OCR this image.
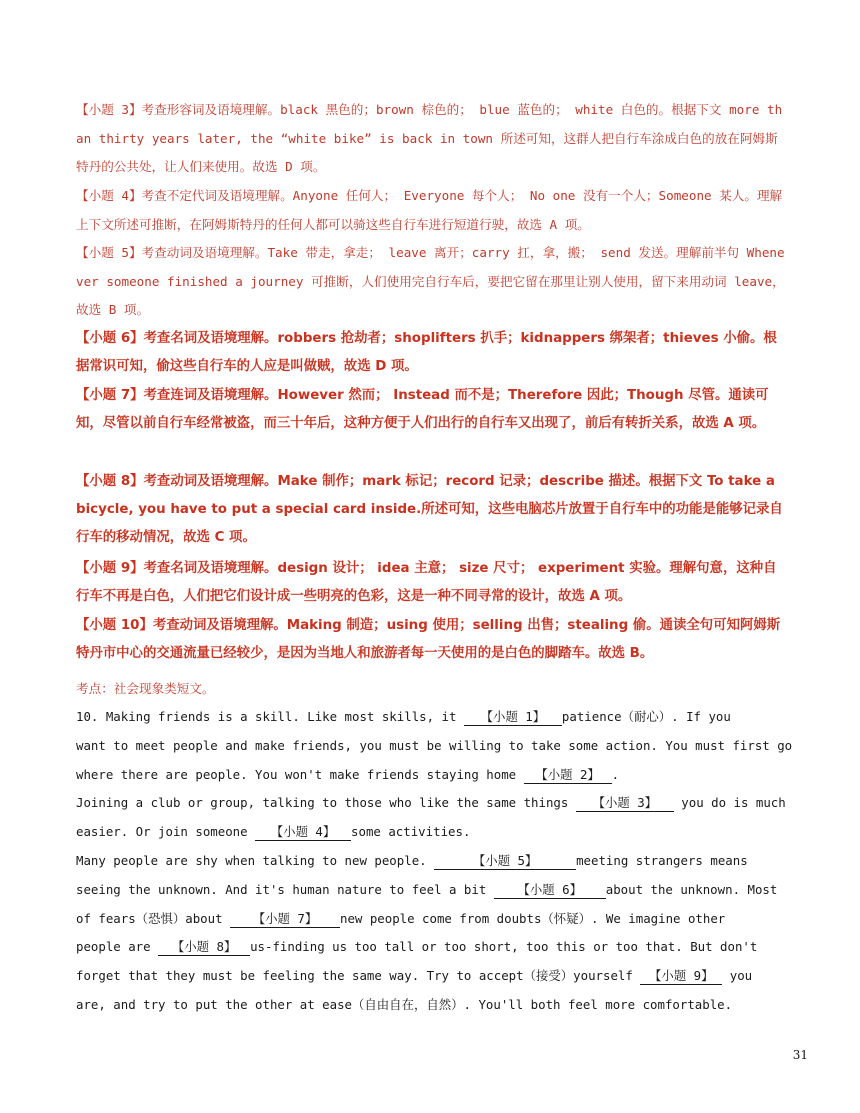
【小题 3】考查形容词及语境理解。black 黑色的；brown 棕色的； blue 蓝色的； white 白色的。根据下文 more than thirty years later, the “white bike” is back in town 所述可知，这群人把自行车涂成白色的放在阿姆斯特丹的公共处，让人们来使用。故选 D 项。
【小题 4】考查不定代词及语境理解。Anyone 任何人； Everyone 每个人； No one 没有一个人；Someone 某人。理解上下文所述可推断，在阿姆斯特丹的任何人都可以骑这些自行车进行短道行驶，故选 A 项。
【小题 5】考查动词及语境理解。Take 带走，拿走； leave 离开；carry 扛，拿，搬； send 发送。理解前半句 Whenever someone finished a journey 可推断，人们使用完自行车后，要把它留在那里让别人使用，留下来用动词 leave，故选 B 项。
【小题 6】考查名词及语境理解。robbers 抢劫者；shoplifters 扒手；kidnappers 绑架者；thieves 小偷。根据常识可知，偷这些自行车的人应是叫做贼，故选 D 项。
【小题 7】考查连词及语境理解。However 然而； Instead 而不是；Therefore 因此；Though 尽管。通读可知，尽管以前自行车经常被盗，而三十年后，这种方便于人们出行的自行车又出现了，前后有转折关系，故选 A 项。
【小题 8】考查动词及语境理解。Make 制作；mark 标记；record 记录；describe 描述。根据下文 To take a bicycle, you have to put a special card inside.所述可知，这些电脑芯片放置于自行车中的功能是能够记录自行车的移动情况，故选 C 项。
【小题 9】考查名词及语境理解。design 设计； idea 主意； size 尺寸； experiment 实验。理解句意，这种自行车不再是白色，人们把它们设计成一些明亮的色彩，这是一种不同寻常的设计，故选 A 项。
【小题 10】考查动词及语境理解。Making 制造；using 使用；selling 出售；stealing 偷。通读全句可知阿姆斯特丹市中心的交通流量已经较少，是因为当地人和旅游者每一天使用的是白色的脚踏车。故选 B。
考点：社会现象类短文。
10. Making friends is a skill. Like most skills, it 【小题 1】 patience（耐心）. If you
want to meet people and make friends, you must be willing to take some action. You must first go
where there are people. You won't make friends staying home 【小题 2】 .
Joining a club or group, talking to those who like the same things 【小题 3】 you do is much
easier. Or join someone 【小题 4】 some activities.
Many people are shy when talking to new people.	【小题 5】	meeting strangers means
seeing the unknown. And it's human nature to feel a bit 【小题 6】 about the unknown. Most
of fears（恐惧）about 【小题 7】 new people come from doubts（怀疑）. We imagine other
people are 【小题 8】 us-finding us too tall or too short, too this or too that. But don't
forget that they must be feeling the same way. Try to accept（接受）yourself 【小题 9】 you
are, and try to put the other at ease（自由自在，自然）. You'll both feel more comfortable.
31
